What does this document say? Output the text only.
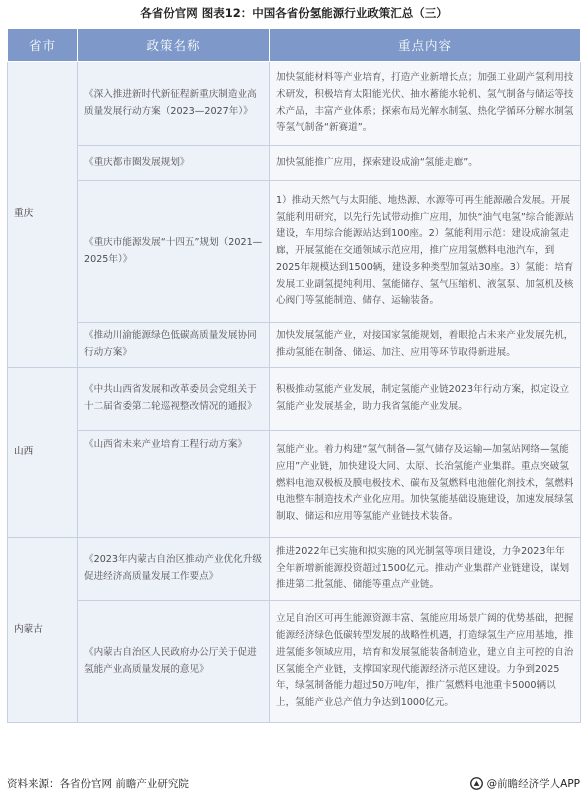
各省份官网 图表12：中国各省份氢能源行业政策汇总（三）
省市	政策名称	重点内容
重庆	《深入推进新时代新征程新重庆制造业高质量发展行动方案（2023—2027年）》	加快氢能材料等产业培育，打造产业新增长点；加强工业副产氢利用技术研发，积极培育太阳能光伏、抽水蓄能水轮机、氢气制备与储运等技术产品，丰富产业体系；探索布局光解水制氢、热化学循环分解水制氢等氢气制备“新赛道”。
	《重庆都市圈发展规划》	加快氢能推广应用，探索建设成渝“氢能走廊”。
	《重庆市能源发展“十四五”规划（2021—2025年）》	1）推动天然气与太阳能、地热源、水源等可再生能源融合发展。开展氢能利用研究，以先行先试带动推广应用，加快“油气电氢”综合能源站建设，车用综合能源站达到100座。2）氢能利用示范：建设成渝氢走廊，开展氢能在交通领域示范应用，推广应用氢燃料电池汽车，到2025年规模达到1500辆，建设多种类型加氢站30座。3）氢能：培育发展工业副氢提纯利用、氢能储存、氢气压缩机、液氢泵、加氢机及核心阀门等氢能制造、储存、运输装备。
	《推动川渝能源绿色低碳高质量发展协同行动方案》	加快发展氢能产业，对接国家氢能规划，着眼抢占未来产业发展先机，推动氢能在制备、储运、加注、应用等环节取得新进展。
山西	《中共山西省发展和改革委员会党组关于十二届省委第二轮巡视整改情况的通报》	积极推动氢能产业发展，制定氢能产业链2023年行动方案，拟定设立氢能产业发展基金，助力我省氢能产业发展。
	《山西省未来产业培育工程行动方案》	氢能产业。着力构建“氢气制备—氢气储存及运输—加氢站网络—氢能应用”产业链，加快建设大同、太原、长治氢能产业集群。重点突破氢燃料电池双极板及膜电极技术、碳布及氢燃料电池催化剂技术，氢燃料电池整车制造技术产业化应用。加快氢能基础设施建设，加速发展绿氢制取、储运和应用等氢能产业链技术装备。
内蒙古	《2023年内蒙古自治区推动产业优化升级促进经济高质量发展工作要点》	推进2022年已实施和拟实施的风光制氢等项目建设，力争2023年年全年新增新能源投资超过1500亿元。推动产业集群产业链建设，谋划推进第二批氢能、储能等重点产业链。
	《内蒙古自治区人民政府办公厅关于促进氢能产业高质量发展的意见》	立足自治区可再生能源资源丰富、氢能应用场景广阔的优势基础，把握能源经济绿色低碳转型发展的战略性机遇，打造绿氢生产应用基地，推进氢能多领域应用，培育和发展氢能装备制造业，建立自主可控的自治区氢能全产业链，支撑国家现代能源经济示范区建设。力争到2025年，绿氢制备能力超过50万吨/年，推广氢燃料电池重卡5000辆以上，氢能产业总产值力争达到1000亿元。
资料来源：各省份官网 前瞻产业研究院	@前瞻经济学人APP
